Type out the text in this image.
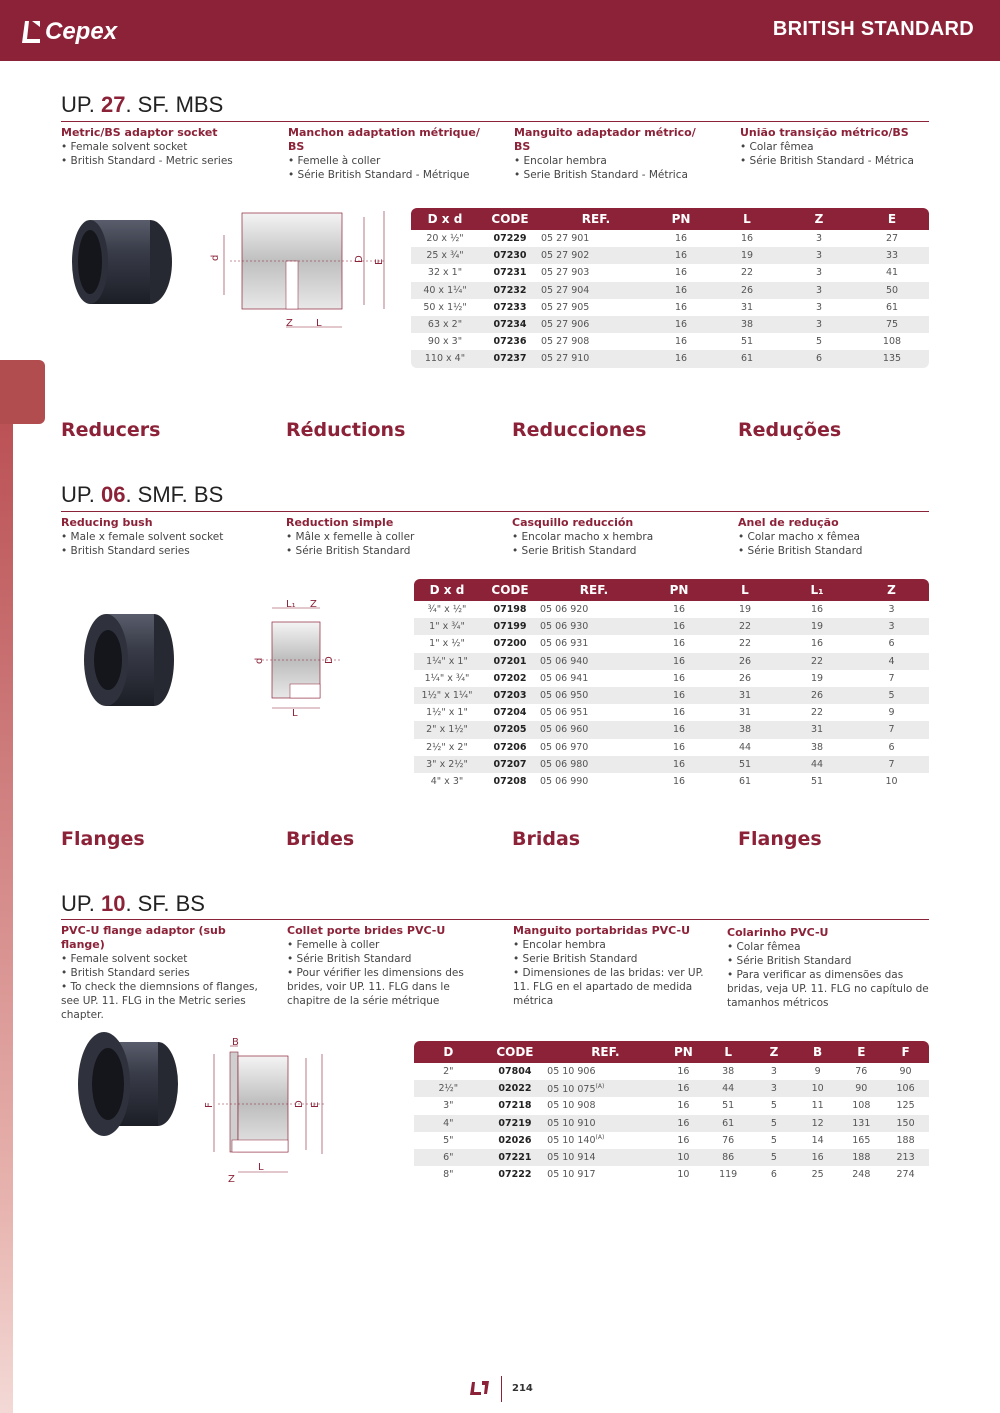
Cepex	BRITISH STANDARD
UP. 27. SF. MBS
Metric/BS adaptor socket
• Female solvent socket
• British Standard - Metric series
Manchon adaptation métrique/ BS
• Femelle à coller
• Série British Standard - Métrique
Manguito adaptador métrico/ BS
• Encolar hembra
• Serie British Standard - Métrica
União transição métrico/BS
• Colar fêmea
• Série British Standard - Métrica
d	D E
Z L
D x d	CODE	REF.	PN	L	Z	E
20 x ½"	07229	05 27 901	16	16	3	27
25 x ¾"	07230	05 27 902	16	19	3	33
32 x 1"	07231	05 27 903	16	22	3	41
40 x 1¼"	07232	05 27 904	16	26	3	50
50 x 1½"	07233	05 27 905	16	31	3	61
63 x 2"	07234	05 27 906	16	38	3	75
90 x 3"	07236	05 27 908	16	51	5	108
110 x 4"	07237	05 27 910	16	61	6	135
Reducers	Réductions	Reducciones	Reduções
UP. 06. SMF. BS
Reducing bush
• Male x female solvent socket
• British Standard series
Reduction simple
• Mâle x femelle à coller
• Série British Standard
Casquillo reducción
• Encolar macho x hembra
• Serie British Standard
Anel de redução
• Colar macho x fêmea
• Série British Standard
L₁ Z
d	D
L
D x d	CODE	REF.	PN	L	L₁	Z
¾" x ½"	07198	05 06 920	16	19	16	3
1" x ¾"	07199	05 06 930	16	22	19	3
1" x ½"	07200	05 06 931	16	22	16	6
1¼" x 1"	07201	05 06 940	16	26	22	4
1¼" x ¾"	07202	05 06 941	16	26	19	7
1½" x 1¼"	07203	05 06 950	16	31	26	5
1½" x 1"	07204	05 06 951	16	31	22	9
2" x 1½"	07205	05 06 960	16	38	31	7
2½" x 2"	07206	05 06 970	16	44	38	6
3" x 2½"	07207	05 06 980	16	51	44	7
4" x 3"	07208	05 06 990	16	61	51	10
Flanges	Brides	Bridas	Flanges
UP. 10. SF. BS
PVC-U flange adaptor (sub flange)
• Female solvent socket
• British Standard series
• To check the diemnsions of flanges, see UP. 11. FLG in the Metric series chapter.
Collet porte brides PVC-U
• Femelle à coller
• Série British Standard
• Pour vérifier les dimensions des brides, voir UP. 11. FLG dans le chapitre de la série métrique
Manguito portabridas PVC-U
• Encolar hembra
• Serie British Standard
• Dimensiones de las bridas: ver UP. 11. FLG en el apartado de medida métrica
Colarinho PVC-U
• Colar fêmea
• Série British Standard
• Para verificar as dimensões das bridas, veja UP. 11. FLG no capítulo de tamanhos métricos
B
F	D E
L
Z
D	CODE	REF.	PN	L	Z	B	E	F
2"	07804	05 10 906	16	38	3	9	76	90
2½"	02022	05 10 $075^{(A)}$	16	44	3	10	90	106
3"	07218	05 10 908	16	51	5	11	108	125
4"	07219	05 10 910	16	61	5	12	131	150
5"	02026	05 10 $140^{(A)}$	16	76	5	14	165	188
6"	07221	05 10 914	10	86	5	16	188	213
8"	07222	05 10 917	10	119	6	25	248	274
214
